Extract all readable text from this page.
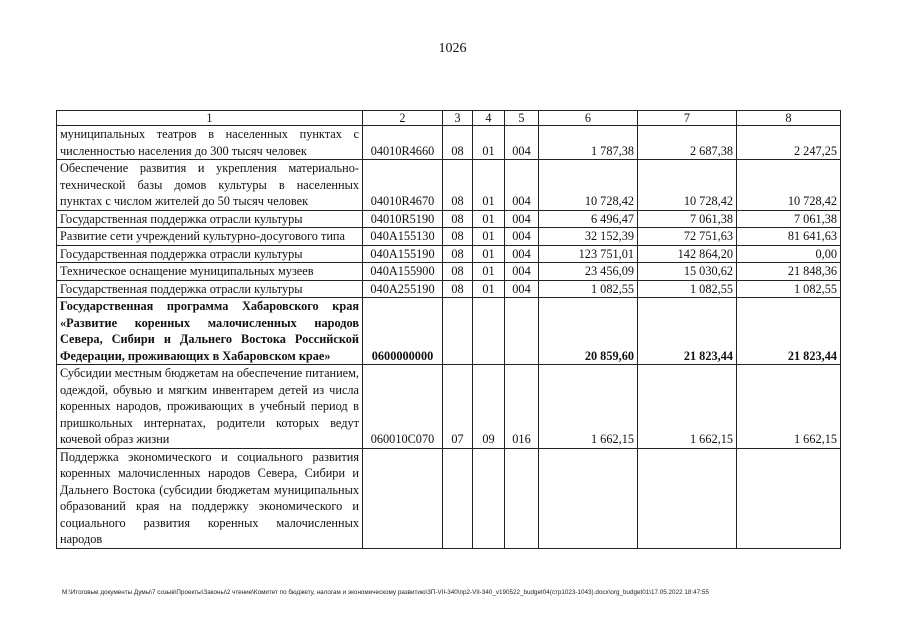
1026
1	2	3	4	5	6	7	8
муниципальных театров в населенных пунктах с численностью населения до 300 тысяч человек	04010R4660	08	01	004	1 787,38	2 687,38	2 247,25
Обеспечение развития и укрепления материально-технической базы домов культуры в населенных пунктах с числом жителей до 50 тысяч человек	04010R4670	08	01	004	10 728,42	10 728,42	10 728,42
Государственная поддержка отрасли культуры	04010R5190	08	01	004	6 496,47	7 061,38	7 061,38
Развитие сети учреждений культурно-досугового типа	040A155130	08	01	004	32 152,39	72 751,63	81 641,63
Государственная поддержка отрасли культуры	040A155190	08	01	004	123 751,01	142 864,20	0,00
Техническое оснащение муниципальных музеев	040A155900	08	01	004	23 456,09	15 030,62	21 848,36
Государственная поддержка отрасли культуры	040A255190	08	01	004	1 082,55	1 082,55	1 082,55
Государственная программа Хабаровского края «Развитие коренных малочисленных народов Севера, Сибири и Дальнего Востока Российской Федерации, проживающих в Хабаровском крае»	0600000000				20 859,60	21 823,44	21 823,44
Субсидии местным бюджетам на обеспечение питанием, одеждой, обувью и мягким инвентарем детей из числа коренных народов, проживающих в учебный период в пришкольных интернатах, родители которых ведут кочевой образ жизни	060010C070	07	09	016	1 662,15	1 662,15	1 662,15
Поддержка экономического и социального развития коренных малочисленных народов Севера, Сибири и Дальнего Востока (субсидии бюджетам муниципальных образований края на поддержку экономического и социального развития коренных малочисленных народов							
M:\Итоговые документы Думы\7 созыв\Проекты\Законы\2 чтение\Комитет по бюджету, налогам и экономическому развитию\3П-VII-340\пр2-VII-340_v190522_budget04(стр1023-1043).docx\org_budget01\17.05.2022 18:47:55
